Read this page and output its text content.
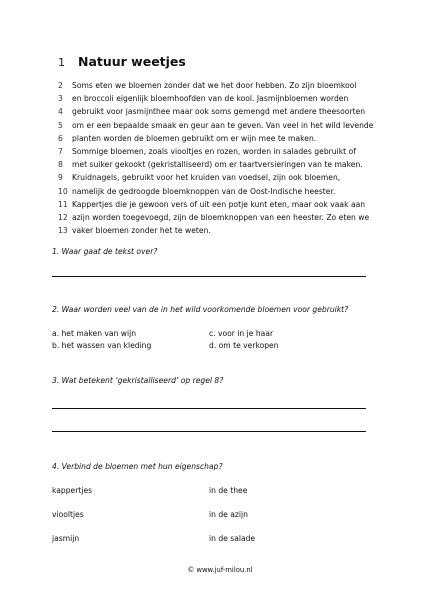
1 Natuur weetjes
2 Soms eten we bloemen zonder dat we het door hebben. Zo zijn bloemkool
3 en broccoli eigenlijk bloemhoofden van de kool. Jasmijnbloemen worden
4 gebruikt voor jasmijnthee maar ook soms gemengd met andere theesoorten
5 om er een bepaalde smaak en geur aan te geven. Van veel in het wild levende
6 planten worden de bloemen gebruikt om er wijn mee te maken.
7 Sommige bloemen, zoals viooltjes en rozen, worden in salades gebruikt of
8 met suiker gekookt (gekristalliseerd) om er taartversieringen van te maken.
9 Kruidnagels, gebruikt voor het kruiden van voedsel, zijn ook bloemen,
10 namelijk de gedroogde bloemknoppen van de Oost-Indische heester.
11 Kappertjes die je gewoon vers of uit een potje kunt eten, maar ook vaak aan
12 azijn worden toegevoegd, zijn de bloemknoppen van een heester. Zo eten we
13 vaker bloemen zonder het te weten.
1. Waar gaat de tekst over?
2. Waar worden veel van de in het wild voorkomende bloemen voor gebruikt?
a. het maken van wijn	c. voor in je haar
b. het wassen van kleding	d. om te verkopen
3. Wat betekent ‘gekristalliseerd’ op regel 8?
4. Verbind de bloemen met hun eigenschap?
kappertjes	in de thee
viooltjes	in de azijn
jasmijn	in de salade
© www.juf-milou.nl
